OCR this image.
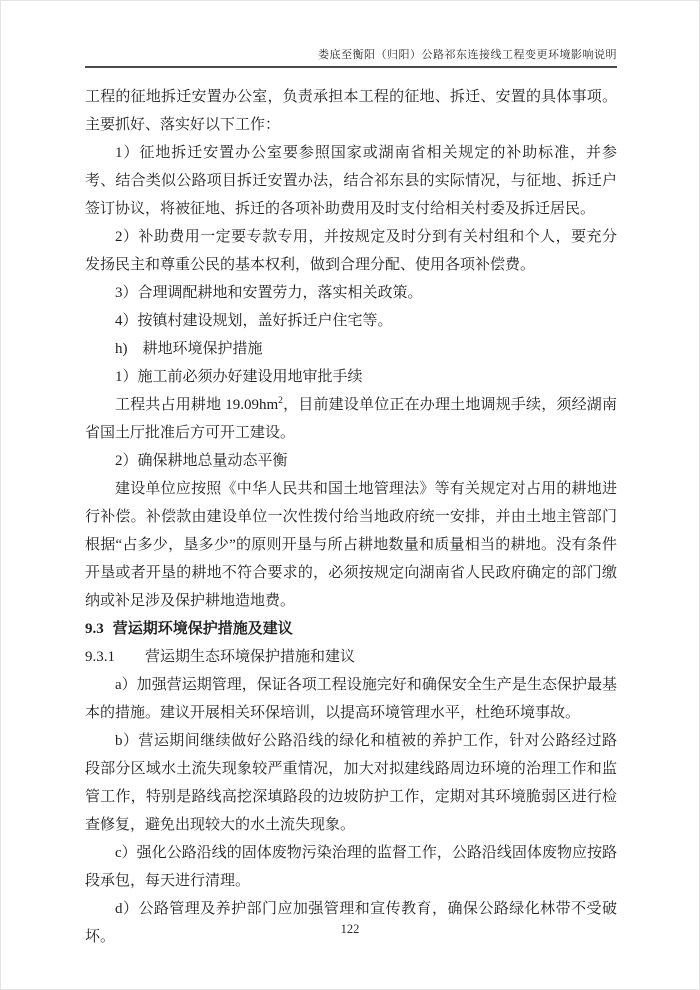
娄底至衡阳（归阳）公路祁东连接线工程变更环境影响说明

工程的征地拆迁安置办公室，负责承担本工程的征地、拆迁、安置的具体事项。主要抓好、落实好以下工作：

1）征地拆迁安置办公室要参照国家或湖南省相关规定的补助标准，并参考、结合类似公路项目拆迁安置办法，结合祁东县的实际情况，与征地、拆迁户签订协议，将被征地、拆迁的各项补助费用及时支付给相关村委及拆迁居民。

2）补助费用一定要专款专用，并按规定及时分到有关村组和个人，要充分发扬民主和尊重公民的基本权利，做到合理分配、使用各项补偿费。

3）合理调配耕地和安置劳力，落实相关政策。

4）按镇村建设规划，盖好拆迁户住宅等。

h)　耕地环境保护措施

1）施工前必须办好建设用地审批手续

工程共占用耕地 $19.09hm^2$，目前建设单位正在办理土地调规手续，须经湖南省国土厅批准后方可开工建设。

2）确保耕地总量动态平衡

建设单位应按照《中华人民共和国土地管理法》等有关规定对占用的耕地进行补偿。补偿款由建设单位一次性拨付给当地政府统一安排，并由土地主管部门根据“占多少，垦多少”的原则开垦与所占耕地数量和质量相当的耕地。没有条件开垦或者开垦的耕地不符合要求的，必须按规定向湖南省人民政府确定的部门缴纳或补足涉及保护耕地造地费。

9.3 营运期环境保护措施及建议

9.3.1 营运期生态环境保护措施和建议

a）加强营运期管理，保证各项工程设施完好和确保安全生产是生态保护最基本的措施。建议开展相关环保培训，以提高环境管理水平，杜绝环境事故。

b）营运期间继续做好公路沿线的绿化和植被的养护工作，针对公路经过路段部分区域水土流失现象较严重情况，加大对拟建线路周边环境的治理工作和监管工作，特别是路线高挖深填路段的边坡防护工作，定期对其环境脆弱区进行检查修复，避免出现较大的水土流失现象。

c）强化公路沿线的固体废物污染治理的监督工作，公路沿线固体废物应按路段承包，每天进行清理。

d）公路管理及养护部门应加强管理和宣传教育，确保公路绿化林带不受破坏。	122
